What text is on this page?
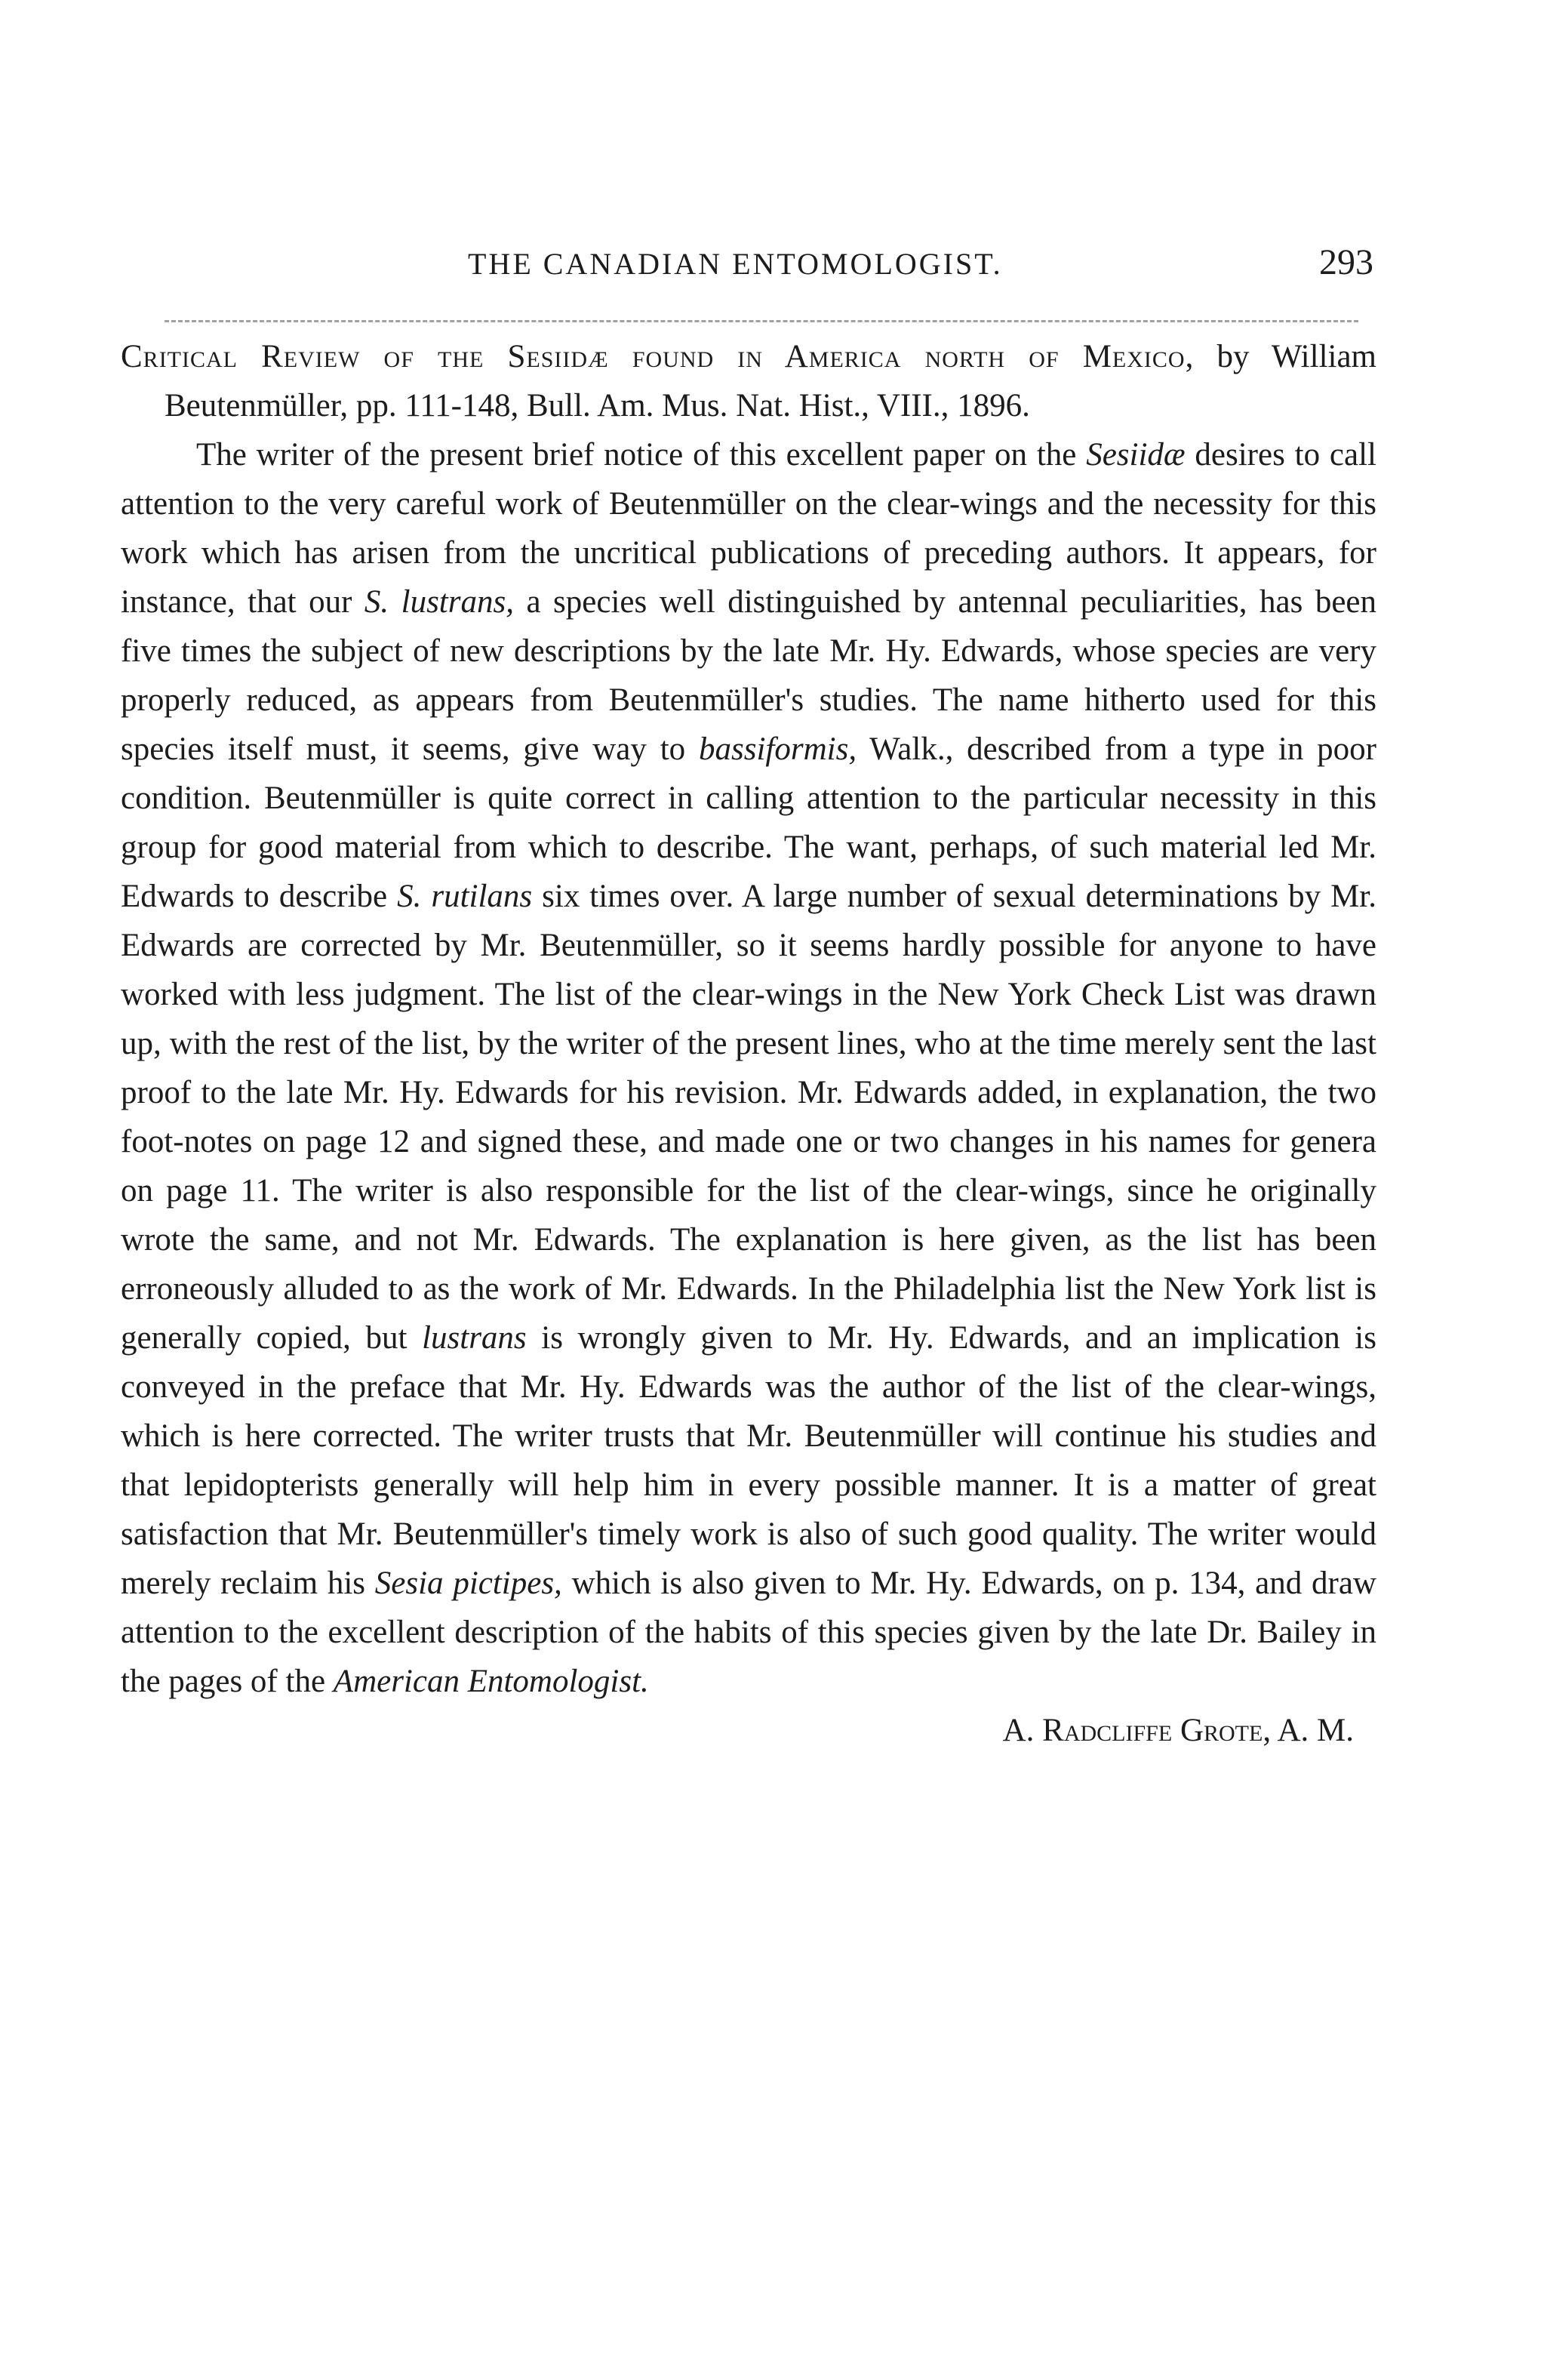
THE CANADIAN ENTOMOLOGIST.	293

Critical Review of the Sesiidæ found in America north of Mexico, by William Beutenmüller, pp. 111-148, Bull. Am. Mus. Nat. Hist., VIII., 1896.

The writer of the present brief notice of this excellent paper on the Sesiidæ desires to call attention to the very careful work of Beutenmüller on the clear-wings and the necessity for this work which has arisen from the uncritical publications of preceding authors. It appears, for instance, that our S. lustrans, a species well distinguished by antennal peculiarities, has been five times the subject of new descriptions by the late Mr. Hy. Edwards, whose species are very properly reduced, as appears from Beutenmüller's studies. The name hitherto used for this species itself must, it seems, give way to bassiformis, Walk., described from a type in poor condition. Beutenmüller is quite correct in calling attention to the particular necessity in this group for good material from which to describe. The want, perhaps, of such material led Mr. Edwards to describe S. rutilans six times over. A large number of sexual determinations by Mr. Edwards are corrected by Mr. Beutenmüller, so it seems hardly possible for anyone to have worked with less judgment. The list of the clear-wings in the New York Check List was drawn up, with the rest of the list, by the writer of the present lines, who at the time merely sent the last proof to the late Mr. Hy. Edwards for his revision. Mr. Edwards added, in explanation, the two foot-notes on page 12 and signed these, and made one or two changes in his names for genera on page 11. The writer is also responsible for the list of the clear-wings, since he originally wrote the same, and not Mr. Edwards. The explanation is here given, as the list has been erroneously alluded to as the work of Mr. Edwards. In the Philadelphia list the New York list is generally copied, but lustrans is wrongly given to Mr. Hy. Edwards, and an implication is conveyed in the preface that Mr. Hy. Edwards was the author of the list of the clear-wings, which is here corrected. The writer trusts that Mr. Beutenmüller will continue his studies and that lepidopterists generally will help him in every possible manner. It is a matter of great satisfaction that Mr. Beutenmüller's timely work is also of such good quality. The writer would merely reclaim his Sesia pictipes, which is also given to Mr. Hy. Edwards, on p. 134, and draw attention to the excellent description of the habits of this species given by the late Dr. Bailey in the pages of the American Entomologist.

A. Radcliffe Grote, A. M.
